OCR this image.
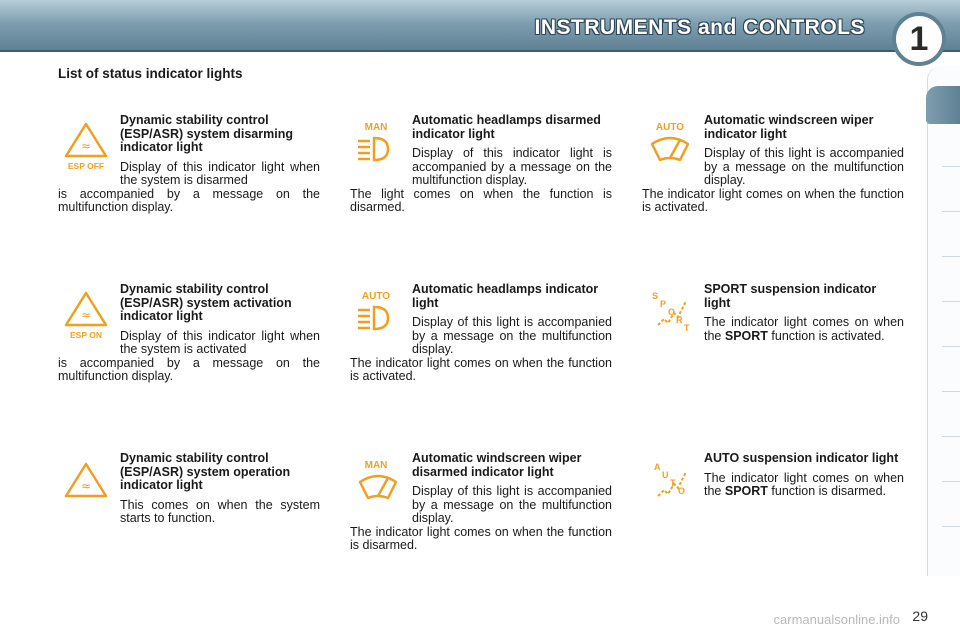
INSTRUMENTS and CONTROLS	1
List of status indicator lights
≈
ESP OFF
Dynamic stability control (ESP/ASR) system disarming indicator light
Display of this indicator light when the system is disarmed
is accompanied by a message on the multifunction display.
MAN
Automatic headlamps disarmed indicator light
Display of this indicator light is accompanied by a message on the multifunction display.
The light comes on when the function is disarmed.
AUTO
Automatic windscreen wiper indicator light
Display of this light is accompanied by a message on the multifunction display.
The indicator light comes on when the function is activated.
≈
ESP ON
Dynamic stability control (ESP/ASR) system activation indicator light
Display of this indicator light when the system is activated
is accompanied by a message on the multifunction display.
AUTO
Automatic headlamps indicator light
Display of this light is accompanied by a message on the multifunction display.
The indicator light comes on when the function is activated.
S
P
O
R
T
SPORT suspension indicator light
The indicator light comes on when the SPORT function is activated.
≈
Dynamic stability control (ESP/ASR) system operation indicator light
This comes on when the system starts to function.
MAN
Automatic windscreen wiper disarmed indicator light
Display of this light is accompanied by a message on the multifunction display.
The indicator light comes on when the function is disarmed.
A
U
T
O
AUTO suspension indicator light
The indicator light comes on when the SPORT function is disarmed.
carmanualsonline.info 29
